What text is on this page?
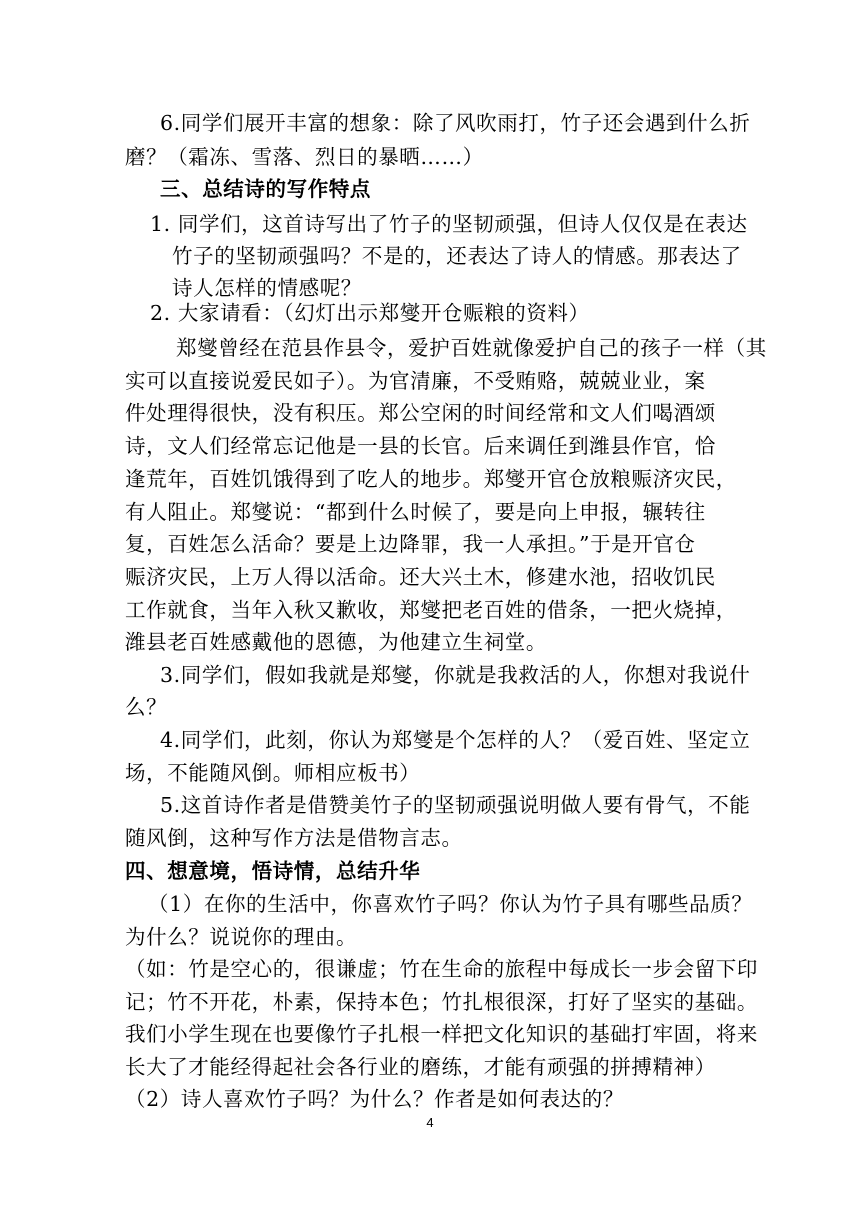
6.同学们展开丰富的想象：除了风吹雨打，竹子还会遇到什么折
磨？（霜冻、雪落、烈日的暴晒……）
三、总结诗的写作特点
1. 同学们，这首诗写出了竹子的坚韧顽强，但诗人仅仅是在表达
竹子的坚韧顽强吗？不是的，还表达了诗人的情感。那表达了
诗人怎样的情感呢？
2. 大家请看：（幻灯出示郑燮开仓赈粮的资料）
郑燮曾经在范县作县令，爱护百姓就像爱护自己的孩子一样（其
实可以直接说爱民如子）。为官清廉，不受贿赂，兢兢业业，案
件处理得很快，没有积压。郑公空闲的时间经常和文人们喝酒颂
诗，文人们经常忘记他是一县的长官。后来调任到潍县作官，恰
逢荒年，百姓饥饿得到了吃人的地步。郑燮开官仓放粮赈济灾民，
有人阻止。郑燮说：“都到什么时候了，要是向上申报，辗转往
复，百姓怎么活命？要是上边降罪，我一人承担。”于是开官仓
赈济灾民，上万人得以活命。还大兴土木，修建水池，招收饥民
工作就食，当年入秋又歉收，郑燮把老百姓的借条，一把火烧掉，
潍县老百姓感戴他的恩德，为他建立生祠堂。
3.同学们，假如我就是郑燮，你就是我救活的人，你想对我说什
么？
4.同学们，此刻，你认为郑燮是个怎样的人？（爱百姓、坚定立
场，不能随风倒。师相应板书）
5.这首诗作者是借赞美竹子的坚韧顽强说明做人要有骨气，不能
随风倒，这种写作方法是借物言志。
四、想意境，悟诗情，总结升华
（1）在你的生活中，你喜欢竹子吗？你认为竹子具有哪些品质？
为什么？说说你的理由。
（如：竹是空心的，很谦虚；竹在生命的旅程中每成长一步会留下印
记；竹不开花，朴素，保持本色；竹扎根很深，打好了坚实的基础。
我们小学生现在也要像竹子扎根一样把文化知识的基础打牢固，将来
长大了才能经得起社会各行业的磨练，才能有顽强的拼搏精神）
（2）诗人喜欢竹子吗？为什么？作者是如何表达的？
4
